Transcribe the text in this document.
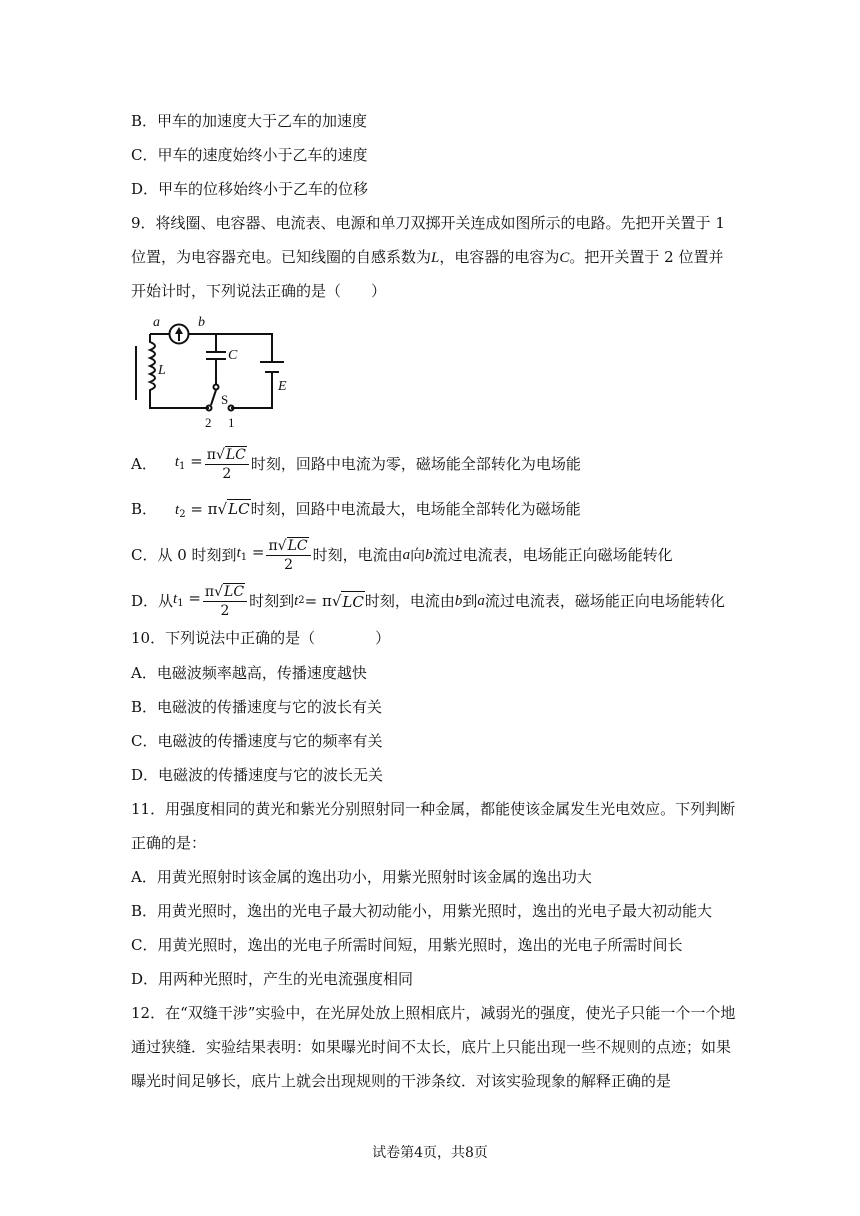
B．甲车的加速度大于乙车的加速度
C．甲车的速度始终小于乙车的速度
D．甲车的位移始终小于乙车的位移
9．将线圈、电容器、电流表、电源和单刀双掷开关连成如图所示的电路。先把开关置于 1
位置，为电容器充电。已知线圈的自感系数为L，电容器的电容为C。把开关置于 2 位置并
开始计时，下列说法正确的是（　　）
a	b
C
L
E
S
2 1
A． $t_1 = \frac{\pi√LC}{2}$ 时刻，回路中电流为零，磁场能全部转化为电场能
B． $t_2 = \pi√LC$时刻，回路中电流最大，电场能全部转化为磁场能
C．从 0 时刻到 $t_1 = \frac{\pi√LC}{2}$ 时刻，电流由 a 向 b 流过电流表，电场能正向磁场能转化
D．从 $t_1 = \frac{\pi√LC}{2}$ 时刻到 t 2 = π √ LC 时刻，电流由 b 到 a 流过电流表，磁场能正向电场能转化
10．下列说法中正确的是（　　　　）
A．电磁波频率越高，传播速度越快
B．电磁波的传播速度与它的波长有关
C．电磁波的传播速度与它的频率有关
D．电磁波的传播速度与它的波长无关
11．用强度相同的黄光和紫光分别照射同一种金属，都能使该金属发生光电效应。下列判断
正确的是：
A．用黄光照射时该金属的逸出功小，用紫光照射时该金属的逸出功大
B．用黄光照时，逸出的光电子最大初动能小，用紫光照时，逸出的光电子最大初动能大
C．用黄光照时，逸出的光电子所需时间短，用紫光照时，逸出的光电子所需时间长
D．用两种光照时，产生的光电流强度相同
12．在“双缝干涉”实验中，在光屏处放上照相底片，减弱光的强度，使光子只能一个一个地
通过狭缝．实验结果表明：如果曝光时间不太长，底片上只能出现一些不规则的点迹；如果
曝光时间足够长，底片上就会出现规则的干涉条纹．对该实验现象的解释正确的是
试卷第4页，共8页
